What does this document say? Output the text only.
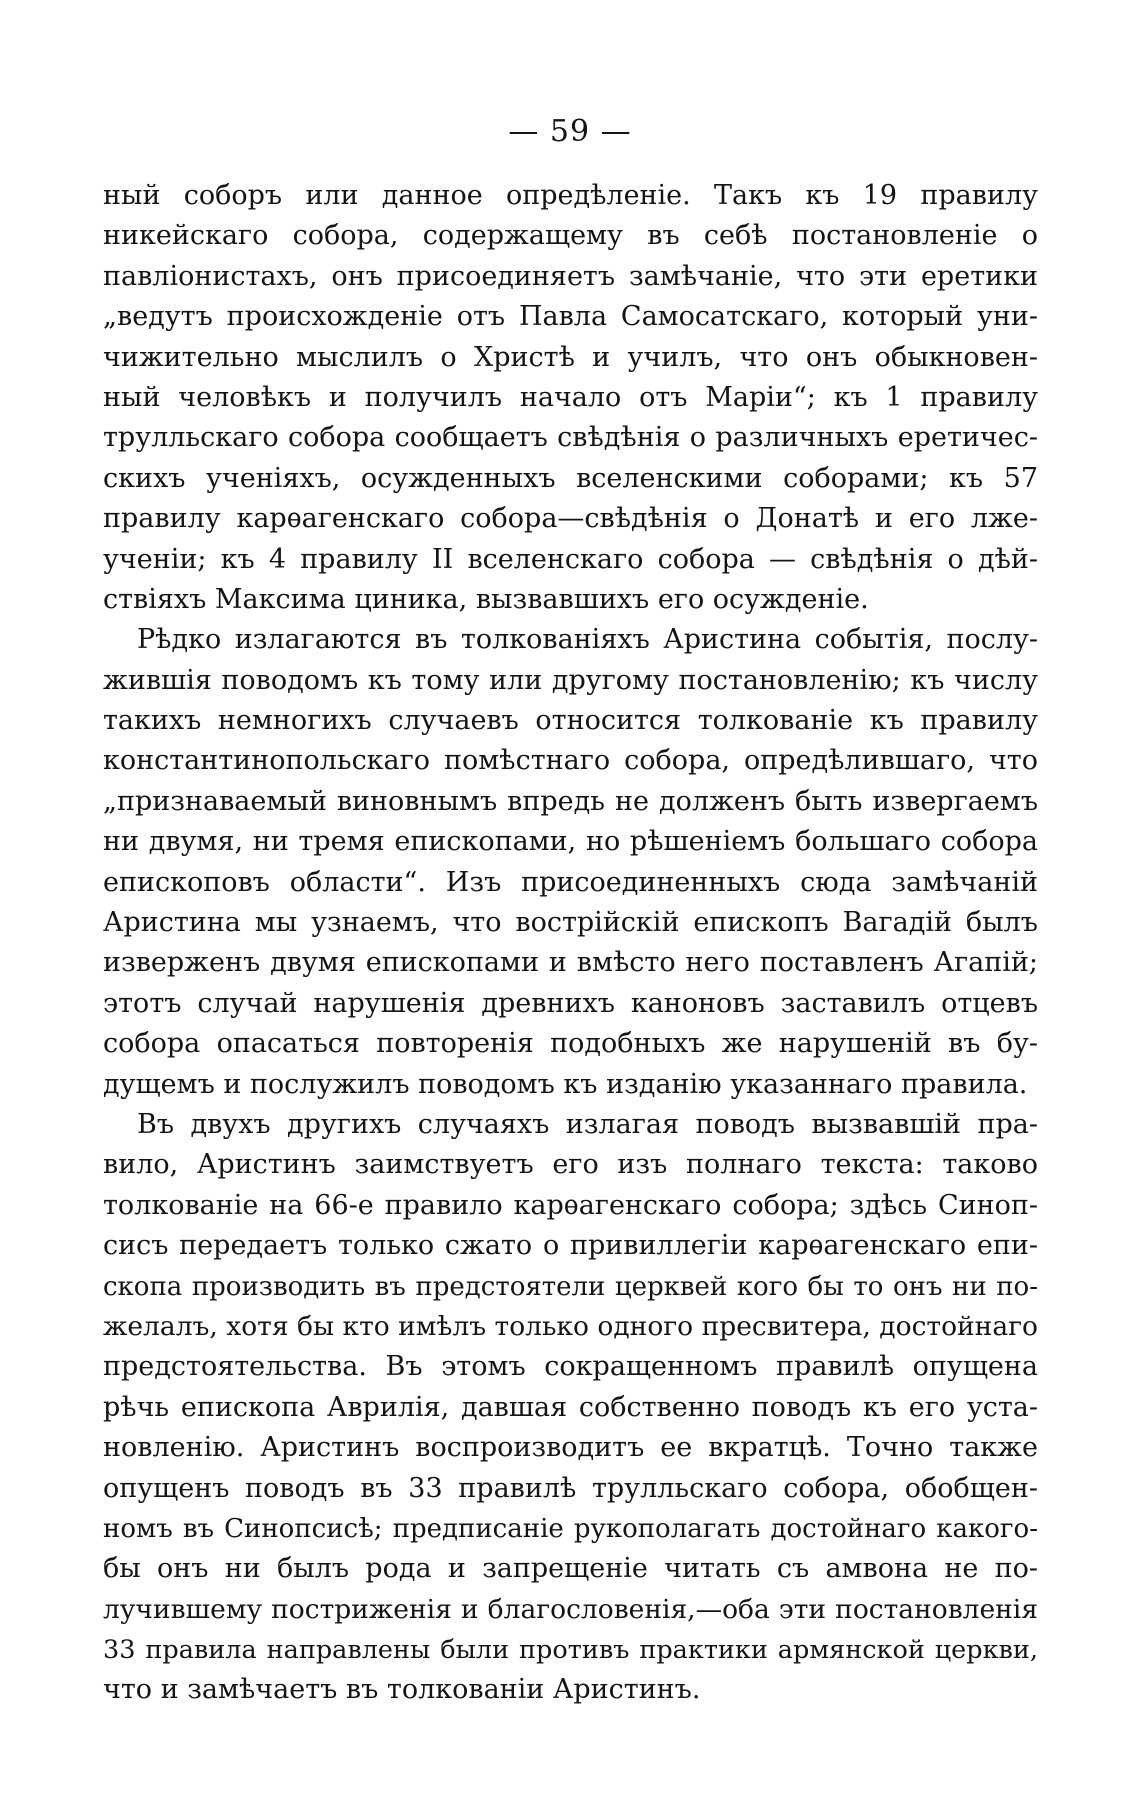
— 59 —
ный соборъ или данное опредѣленіе. Такъ къ 19 правилу
никейскаго собора, содержащему въ себѣ постановленіе о
павліонистахъ, онъ присоединяетъ замѣчаніе, что эти еретики
„ведутъ происхожденіе отъ Павла Самосатскаго, который уни-
чижительно мыслилъ о Христѣ и училъ, что онъ обыкновен-
ный человѣкъ и получилъ начало отъ Маріи“; къ 1 правилу
трулльскаго собора сообщаетъ свѣдѣнія о различныхъ еретичес-
скихъ ученіяхъ, осужденныхъ вселенскими соборами; къ 57
правилу карѳагенскаго собора—свѣдѣнія о Донатѣ и его лже-
ученіи; къ 4 правилу II вселенскаго собора — свѣдѣнія о дѣй-
ствіяхъ Максима циника, вызвавшихъ его осужденіе.
Рѣдко излагаются въ толкованіяхъ Аристина событія, послу-
жившія поводомъ къ тому или другому постановленію; къ числу
такихъ немногихъ случаевъ относится толкованіе къ правилу
константинопольскаго помѣстнаго собора, опредѣлившаго, что
„признаваемый виновнымъ впредь не долженъ быть извергаемъ
ни двумя, ни тремя епископами, но рѣшеніемъ большаго собора
епископовъ области“. Изъ присоединенныхъ сюда замѣчаній
Аристина мы узнаемъ, что вострійскій епископъ Вагадій былъ
изверженъ двумя епископами и вмѣсто него поставленъ Агапій;
этотъ случай нарушенія древнихъ каноновъ заставилъ отцевъ
собора опасаться повторенія подобныхъ же нарушеній въ бу-
дущемъ и послужилъ поводомъ къ изданію указаннаго правила.
Въ двухъ другихъ случаяхъ излагая поводъ вызвавшій пра-
вило, Аристинъ заимствуетъ его изъ полнаго текста: таково
толкованіе на 66-е правило карѳагенскаго собора; здѣсь Синоп-
сисъ передаетъ только сжато о привиллегіи карѳагенскаго епи-
скопа производить въ предстоятели церквей кого бы то онъ ни по-
желалъ, хотя бы кто имѣлъ только одного пресвитера, достойнаго
предстоятельства. Въ этомъ сокращенномъ правилѣ опущена
рѣчь епископа Аврилія, давшая собственно поводъ къ его уста-
новленію. Аристинъ воспроизводитъ ее вкратцѣ. Точно также
опущенъ поводъ въ 33 правилѣ трулльскаго собора, обобщен-
номъ въ Синопсисѣ; предписаніе рукополагать достойнаго какого-
бы онъ ни былъ рода и запрещеніе читать съ амвона не по-
лучившему постриженія и благословенія,—оба эти постановленія
33 правила направлены были противъ практики армянской церкви,
что и замѣчаетъ въ толкованіи Аристинъ.
